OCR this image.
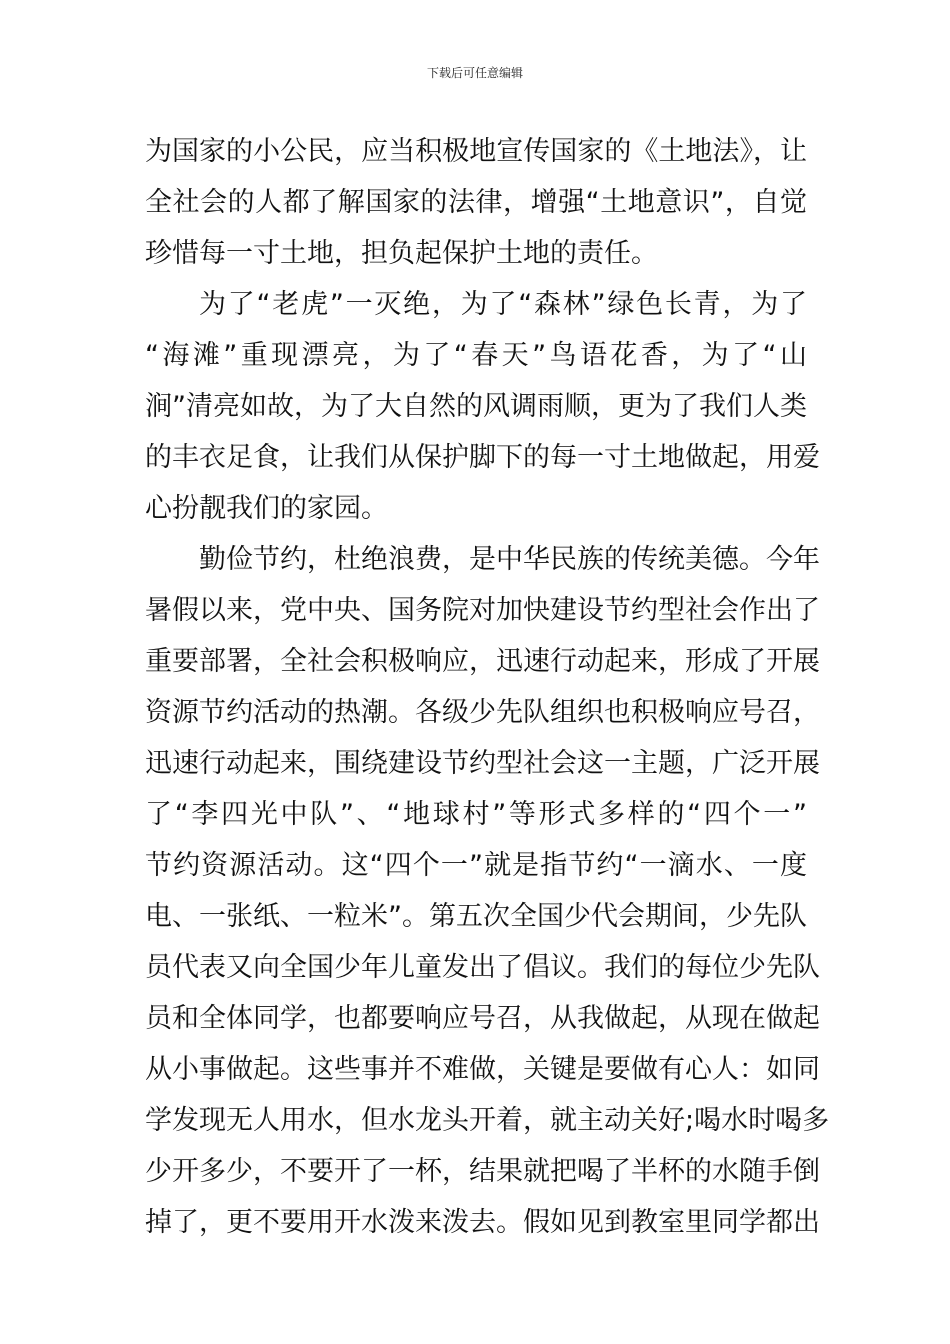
下载后可任意编辑
为国家的小公民，应当积极地宣传国家的《土地法》，让
全社会的人都了解国家的法律，增强“土地意识”，自觉
珍惜每一寸土地，担负起保护土地的责任。
为了“老虎”一灭绝，为了“森林”绿色长青，为了
“海滩”重现漂亮，为了“春天”鸟语花香，为了“山
涧”清亮如故，为了大自然的风调雨顺，更为了我们人类
的丰衣足食，让我们从保护脚下的每一寸土地做起，用爱
心扮靓我们的家园。
勤俭节约，杜绝浪费，是中华民族的传统美德。今年
暑假以来，党中央、国务院对加快建设节约型社会作出了
重要部署，全社会积极响应，迅速行动起来，形成了开展
资源节约活动的热潮。各级少先队组织也积极响应号召，
迅速行动起来，围绕建设节约型社会这一主题，广泛开展
了“李四光中队”、“地球村”等形式多样的“四个一”
节约资源活动。这“四个一”就是指节约“一滴水、一度
电、一张纸、一粒米”。第五次全国少代会期间，少先队
员代表又向全国少年儿童发出了倡议。我们的每位少先队
员和全体同学，也都要响应号召，从我做起，从现在做起
从小事做起。这些事并不难做，关键是要做有心人：如同
学发现无人用水，但水龙头开着，就主动关好;喝水时喝多
少开多少，不要开了一杯，结果就把喝了半杯的水随手倒
掉了，更不要用开水泼来泼去。假如见到教室里同学都出
